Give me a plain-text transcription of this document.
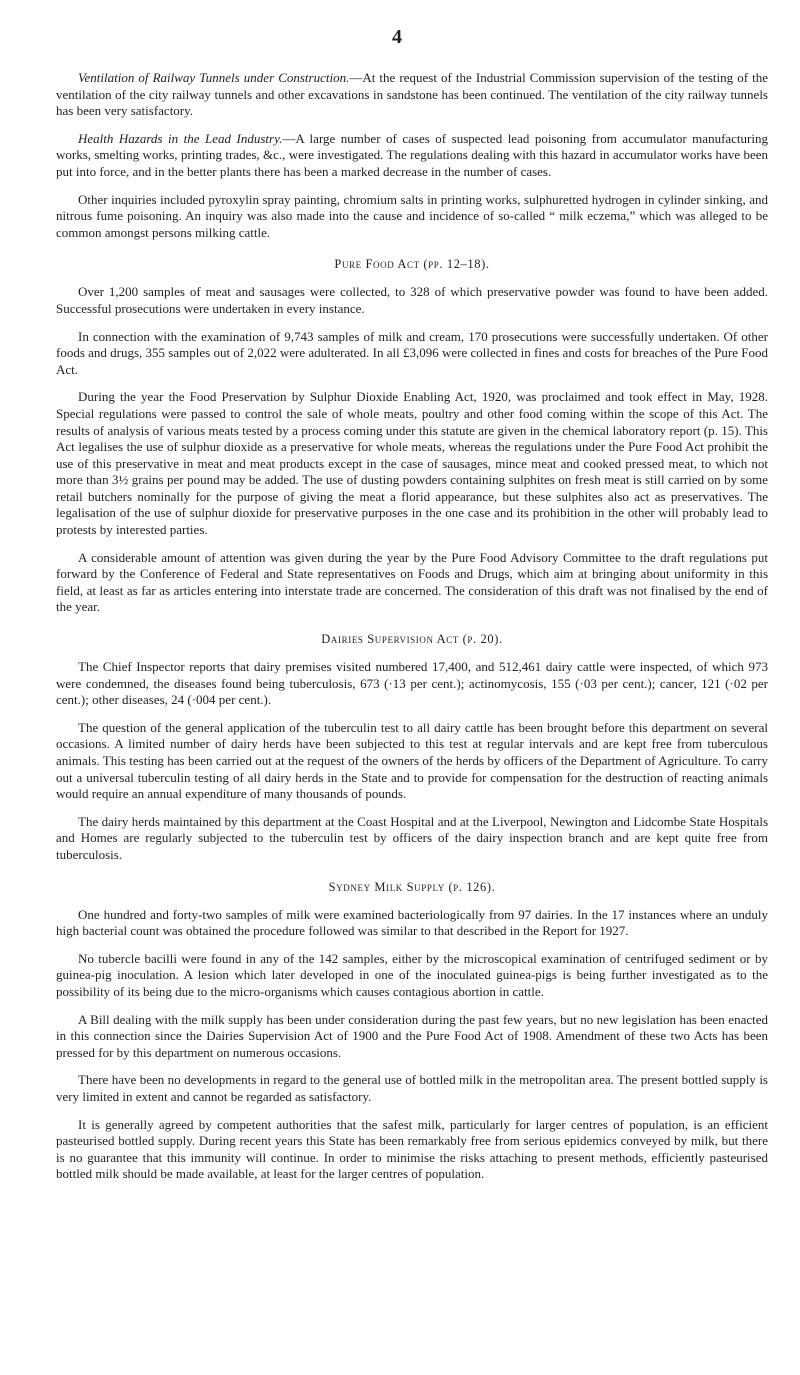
4

Ventilation of Railway Tunnels under Construction.—At the request of the Industrial Commission supervision of the testing of the ventilation of the city railway tunnels and other excavations in sandstone has been continued. The ventilation of the city railway tunnels has been very satisfactory.

Health Hazards in the Lead Industry.—A large number of cases of suspected lead poisoning from accumulator manufacturing works, smelting works, printing trades, &c., were investigated. The regulations dealing with this hazard in accumulator works have been put into force, and in the better plants there has been a marked decrease in the number of cases.

Other inquiries included pyroxylin spray painting, chromium salts in printing works, sulphuretted hydrogen in cylinder sinking, and nitrous fume poisoning. An inquiry was also made into the cause and incidence of so-called “ milk eczema,” which was alleged to be common amongst persons milking cattle.

Pure Food Act (pp. 12–18).

Over 1,200 samples of meat and sausages were collected, to 328 of which preservative powder was found to have been added. Successful prosecutions were undertaken in every instance.

In connection with the examination of 9,743 samples of milk and cream, 170 prosecutions were successfully undertaken. Of other foods and drugs, 355 samples out of 2,022 were adulterated. In all £3,096 were collected in fines and costs for breaches of the Pure Food Act.

During the year the Food Preservation by Sulphur Dioxide Enabling Act, 1920, was proclaimed and took effect in May, 1928. Special regulations were passed to control the sale of whole meats, poultry and other food coming within the scope of this Act. The results of analysis of various meats tested by a process coming under this statute are given in the chemical laboratory report (p. 15). This Act legalises the use of sulphur dioxide as a preservative for whole meats, whereas the regulations under the Pure Food Act prohibit the use of this preservative in meat and meat products except in the case of sausages, mince meat and cooked pressed meat, to which not more than 3½ grains per pound may be added. The use of dusting powders containing sulphites on fresh meat is still carried on by some retail butchers nominally for the purpose of giving the meat a florid appearance, but these sulphites also act as preservatives. The legalisation of the use of sulphur dioxide for preservative purposes in the one case and its prohibition in the other will probably lead to protests by interested parties.

A considerable amount of attention was given during the year by the Pure Food Advisory Committee to the draft regulations put forward by the Conference of Federal and State representatives on Foods and Drugs, which aim at bringing about uniformity in this field, at least as far as articles entering into interstate trade are concerned. The consideration of this draft was not finalised by the end of the year.

Dairies Supervision Act (p. 20).

The Chief Inspector reports that dairy premises visited numbered 17,400, and 512,461 dairy cattle were inspected, of which 973 were condemned, the diseases found being tuberculosis, 673 (·13 per cent.); actinomycosis, 155 (·03 per cent.); cancer, 121 (·02 per cent.); other diseases, 24 (·004 per cent.).

The question of the general application of the tuberculin test to all dairy cattle has been brought before this department on several occasions. A limited number of dairy herds have been subjected to this test at regular intervals and are kept free from tuberculous animals. This testing has been carried out at the request of the owners of the herds by officers of the Department of Agriculture. To carry out a universal tuberculin testing of all dairy herds in the State and to provide for compensation for the destruction of reacting animals would require an annual expenditure of many thousands of pounds.

The dairy herds maintained by this department at the Coast Hospital and at the Liverpool, Newington and Lidcombe State Hospitals and Homes are regularly subjected to the tuberculin test by officers of the dairy inspection branch and are kept quite free from tuberculosis.

Sydney Milk Supply (p. 126).

One hundred and forty-two samples of milk were examined bacteriologically from 97 dairies. In the 17 instances where an unduly high bacterial count was obtained the procedure followed was similar to that described in the Report for 1927.

No tubercle bacilli were found in any of the 142 samples, either by the microscopical examination of centrifuged sediment or by guinea-pig inoculation. A lesion which later developed in one of the inoculated guinea-pigs is being further investigated as to the possibility of its being due to the micro-organisms which causes contagious abortion in cattle.

A Bill dealing with the milk supply has been under consideration during the past few years, but no new legislation has been enacted in this connection since the Dairies Supervision Act of 1900 and the Pure Food Act of 1908. Amendment of these two Acts has been pressed for by this department on numerous occasions.

There have been no developments in regard to the general use of bottled milk in the metropolitan area. The present bottled supply is very limited in extent and cannot be regarded as satisfactory.

It is generally agreed by competent authorities that the safest milk, particularly for larger centres of population, is an efficient pasteurised bottled supply. During recent years this State has been remarkably free from serious epidemics conveyed by milk, but there is no guarantee that this immunity will continue. In order to minimise the risks attaching to present methods, efficiently pasteurised bottled milk should be made available, at least for the larger centres of population.
